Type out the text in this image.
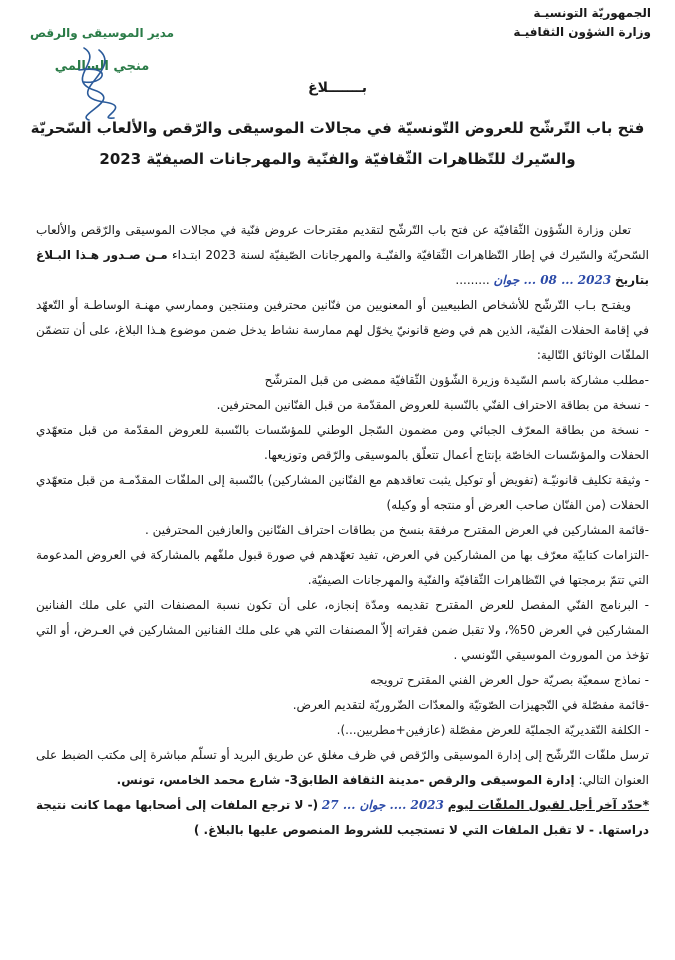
الجمهوريّة التونسيـة
وزارة الشؤون الثقافيـة
مدير الموسيقى والرقص
منجي السالمي
بـــــــلاغ
فتح باب التّرشّح للعروض التّونسيّة في مجالات الموسيقى والرّقص والألعاب السّحريّة
والسّيرك للتّظاهرات الثّقافيّة والفنّية والمهرجانات الصيفيّة 2023

تعلن وزارة الشّؤون الثّقافيّة عن فتح باب التّرشّح لتقديم مقترحات عروض فنّية في مجالات الموسيقى والرّقص والألعاب السّحريّة والسّيرك في إطار التّظاهرات الثّقافيّة والفنّيـة والمهرجانات الصّيفيّة لسنة 2023 ابتـداء مـن صـدور هـذا البـلاغ بتاريخ 2023 ... 08 ... جوان .........

ويفتـح بـاب التّرشّح للأشخاص الطبيعيين أو المعنويين من فنّانين محترفين ومنتجين وممارسي مهنـة الوساطـة أو التّعهّد في إقامة الحفلات الفنّية، الذين هم في وضع قانونيّ يخوّل لهم ممارسة نشاط يدخل ضمن موضوع هـذا البلاغ، على أن تتضمّن الملفّات الوثائق التّالية:

-مطلب مشاركة باسم السّيدة وزيرة الشّؤون الثّقافيّة ممضى من قبل المترشّح

- نسخة من بطاقة الاحتراف الفنّي بالنّسبة للعروض المقدّمة من قبل الفنّانين المحترفين.

- نسخة من بطاقة المعرّف الجبائي ومن مضمون السّجل الوطني للمؤسّسات بالنّسبة للعروض المقدّمة من قبل متعهّدي الحفلات والمؤسّسات الخاصّة بإنتاج أعمال تتعلّق بالموسيقى والرّقص وتوزيعها.

- وثيقة تكليف قانونيّـة (تفويض أو توكيل يثبت تعاقدهم مع الفنّانين المشاركين) بالنّسبة إلى الملفّات المقدّمـة من قبل متعهّدي الحفلات (من الفنّان صاحب العرض أو منتجه أو وكيله)

-قائمة المشاركين في العرض المقترح مرفقة بنسخ من بطاقات احتراف الفنّانين والعازفين المحترفين .

-التزامات كتابيّة معرّف بها من المشاركين في العرض، تفيد تعهّدهم في صورة قبول ملفّهم بالمشاركة في العروض المدعومة التي تتمّ برمجتها في التّظاهرات الثّقافيّة والفنّية والمهرجانات الصيفيّة.

- البرنامج الفنّي المفصل للعرض المقترح تقديمه ومدّة إنجازه، على أن تكون نسبة المصنفات التي على ملك الفنانين المشاركين في العرض 50%، ولا تقبل ضمن فقراته إلاّ المصنفات التي هي على ملك الفنانين المشاركين في العـرض، أو التي تؤخذ من الموروث الموسيقي التّونسي .

- نماذج سمعيّة بصريّة حول العرض الفني المقترح ترويجه

-قائمة مفصّلة في التّجهيزات الصّوتيّة والمعدّات الضّروريّة لتقديم العرض.

- الكلفة التّقديريّة الجمليّة للعرض مفصّلة (عازفين+مطربين...).

ترسل ملفّات التّرشّح إلى إدارة الموسيقى والرّقص في ظرف مغلق عن طريق البريد أو تسلّم مباشرة إلى مكتب الضبط على العنوان التالي: إدارة الموسيقى والرقص -مدينة الثقافة الطابق3- شارع محمد الخامس، تونس.

*حدّد آخر أجل لقبول الملفّات ليوم 2023 .... جوان ... 27 (- لا ترجع الملفات إلى أصحابها مهما كانت نتيجة دراستها. - لا تقبل الملفات التي لا تستجيب للشروط المنصوص عليها بالبلاغ. )
